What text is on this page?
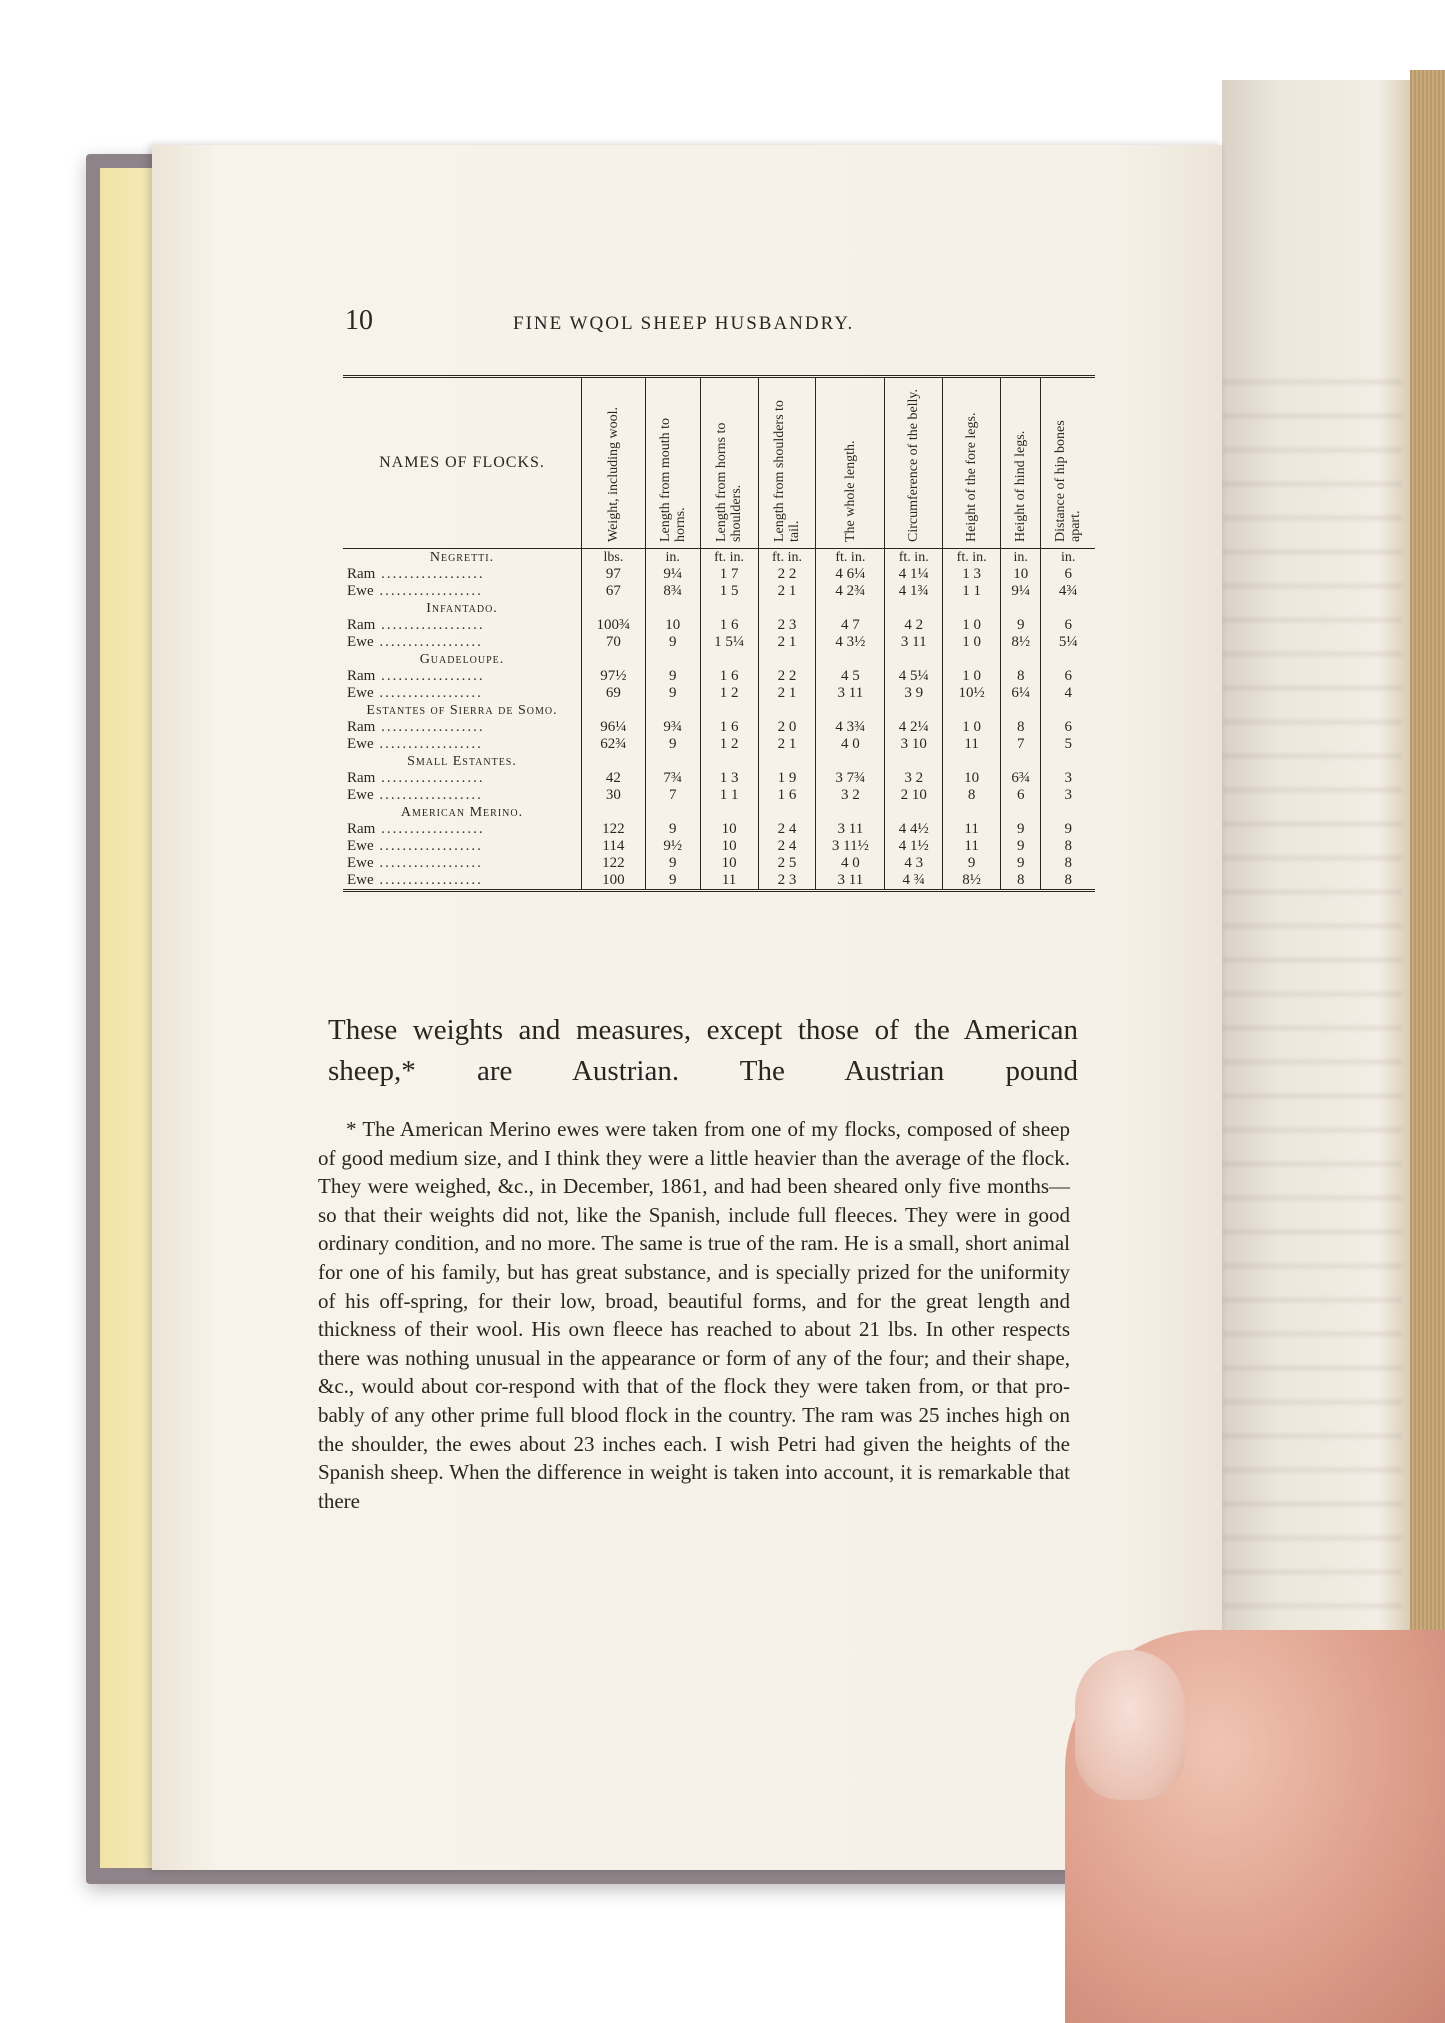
10	FINE WQOL SHEEP HUSBANDRY.
NAMES OF FLOCKS.	Weight, including wool.	Length from mouth to horns.	Length from horns to shoulders.	Length from shoulders to tail.	The whole length.	Circumference of the belly.	Height of the fore legs.	Height of hind legs.	Distance of hip bones apart.

Negretti.	lbs.	in.	ft. in.	ft. in.	ft. in.	ft. in.	ft. in.	in.	in.
Ram ..................	97	9¼	1 7	2 2	4 6¼	4 1¼	1 3	10	6
Ewe ..................	67	8¾	1 5	2 1	4 2¾	4 1¾	1 1	9¼	4¾
Infantado.									
Ram ..................	100¾	10	1 6	2 3	4 7	4 2	1 0	9	6
Ewe ..................	70	9	1 5¼	2 1	4 3½	3 11	1 0	8½	5¼
Guadeloupe.									
Ram ..................	97½	9	1 6	2 2	4 5	4 5¼	1 0	8	6
Ewe ..................	69	9	1 2	2 1	3 11	3 9	10½	6¼	4
Estantes of Sierra de Somo.									
Ram ..................	96¼	9¾	1 6	2 0	4 3¾	4 2¼	1 0	8	6
Ewe ..................	62¾	9	1 2	2 1	4 0	3 10	11	7	5
Small Estantes.									
Ram ..................	42	7¾	1 3	1 9	3 7¾	3 2	10	6¾	3
Ewe ..................	30	7	1 1	1 6	3 2	2 10	8	6	3
American Merino.									
Ram ..................	122	9	10	2 4	3 11	4 4½	11	9	9
Ewe ..................	114	9½	10	2 4	3 11½	4 1½	11	9	8
Ewe ..................	122	9	10	2 5	4 0	4 3	9	9	8
Ewe ..................	100	9	11	2 3	3 11	4 ¾	8½	8	8
These weights and measures, except those of the American sheep,* are Austrian. The Austrian pound

* The American Merino ewes were taken from one of my flocks, composed of sheep of good medium size, and I think they were a little heavier than the average of the flock. They were weighed, &c., in December, 1861, and had been sheared only five months—so that their weights did not, like the Spanish, include full fleeces. They were in good ordinary condition, and no more. The same is true of the ram. He is a small, short animal for one of his family, but has great substance, and is specially prized for the uniformity of his off-spring, for their low, broad, beautiful forms, and for the great length and thickness of their wool. His own fleece has reached to about 21 lbs. In other respects there was nothing unusual in the appearance or form of any of the four; and their shape, &c., would about cor-respond with that of the flock they were taken from, or that pro-bably of any other prime full blood flock in the country. The ram was 25 inches high on the shoulder, the ewes about 23 inches each. I wish Petri had given the heights of the Spanish sheep. When the difference in weight is taken into account, it is remarkable that there
